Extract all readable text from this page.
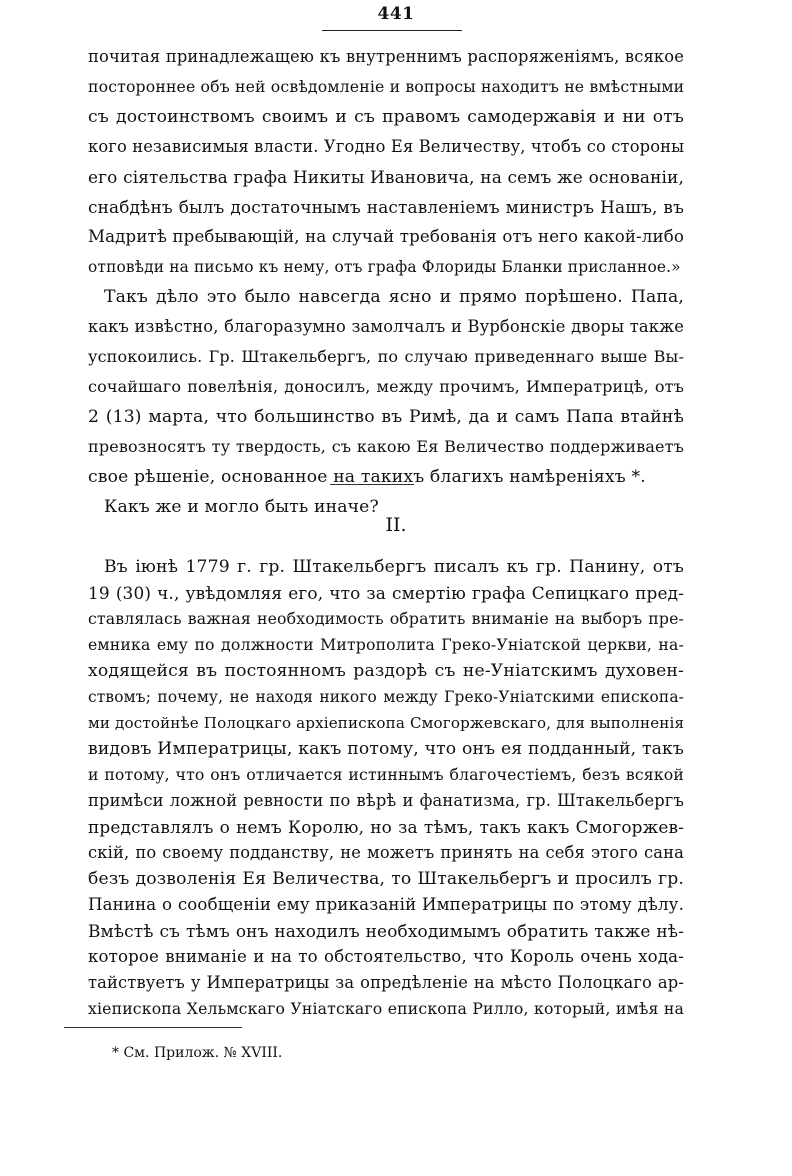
441
почитая принадлежащею къ внутреннимъ распоряженіямъ, всякое
постороннее объ ней освѣдомленіе и вопросы находитъ не вмѣстными
съ достоинствомъ своимъ и съ правомъ самодержавія и ни отъ
кого независимыя власти. Угодно Ея Величеству, чтобъ со стороны
его сіятельства графа Никиты Ивановича, на семъ же основаніи,
снабдѣнъ былъ достаточнымъ наставленіемъ министръ Нашъ, въ
Мадритѣ пребывающій, на случай требованія отъ него какой-либо
отповѣди на письмо къ нему, отъ графа Флориды Бланки присланное.»
Такъ дѣло это было навсегда ясно и прямо порѣшено. Папа,
какъ извѣстно, благоразумно замолчалъ и Вурбонскіе дворы также
успокоились. Гр. Штакельбергъ, по случаю приведеннаго выше Вы-
сочайшаго повелѣнія, доносилъ, между прочимъ, Императрицѣ, отъ
2 (13) марта, что большинство въ Римѣ, да и самъ Папа втайнѣ
превозносятъ ту твердость, съ какою Ея Величество поддерживаетъ
свое рѣшеніе, основанное на такихъ благихъ намѣреніяхъ *.
Какъ же и могло быть иначе?
II.
Въ іюнѣ 1779 г. гр. Штакельбергъ писалъ къ гр. Панину, отъ
19 (30) ч., увѣдомляя его, что за смертію графа Сепицкаго пред-
ставлялась важная необходимость обратить вниманіе на выборъ пре-
емника ему по должности Митрополита Греко-Уніатской церкви, на-
ходящейся въ постоянномъ раздорѣ съ не-Уніатскимъ духовен-
ствомъ; почему, не находя никого между Греко-Уніатскими епископа-
ми достойнѣе Полоцкаго архіепископа Смогоржевскаго, для выполненія
видовъ Императрицы, какъ потому, что онъ ея подданный, такъ
и потому, что онъ отличается истиннымъ благочестіемъ, безъ всякой
примѣси ложной ревности по вѣрѣ и фанатизма, гр. Штакельбергъ
представлялъ о немъ Королю, но за тѣмъ, такъ какъ Смогоржев-
скій, по своему подданству, не можетъ принять на себя этого сана
безъ дозволенія Ея Величества, то Штакельбергъ и просилъ гр.
Панина о сообщеніи ему приказаній Императрицы по этому дѣлу.
Вмѣстѣ съ тѣмъ онъ находилъ необходимымъ обратить также нѣ-
которое вниманіе и на то обстоятельство, что Король очень хода-
тайствуетъ у Императрицы за опредѣленіе на мѣсто Полоцкаго ар-
хіепископа Хельмскаго Уніатскаго епископа Рилло, который, имѣя на
* См. Прилож. № XVIII.
